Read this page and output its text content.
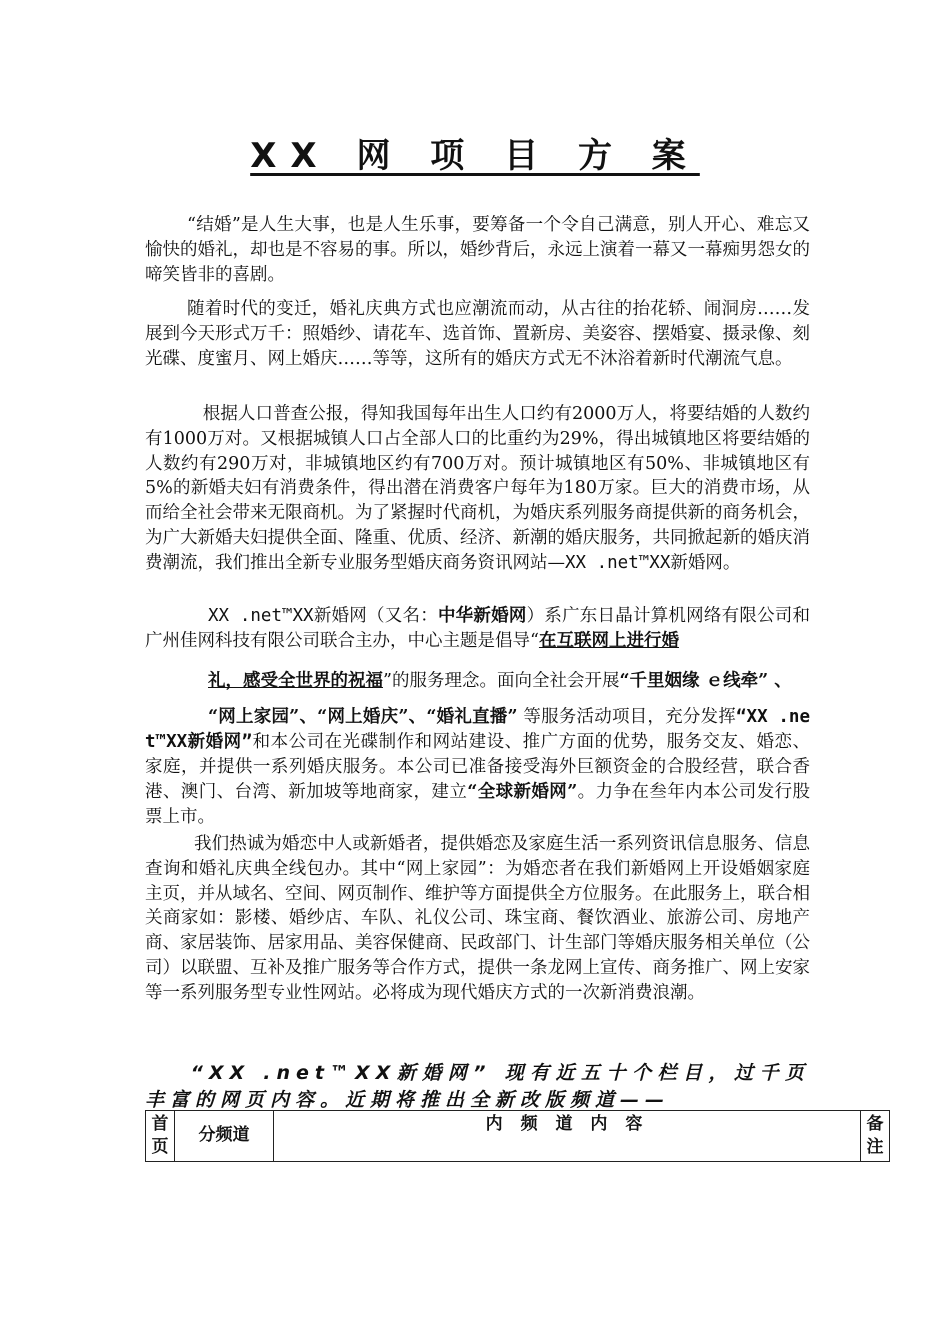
XX 网 项 目 方 案
“结婚”是人生大事，也是人生乐事，要筹备一个令自己满意，别人开心、难忘又愉快的婚礼，却也是不容易的事。所以，婚纱背后，永远上演着一幕又一幕痴男怨女的啼笑皆非的喜剧。
随着时代的变迁，婚礼庆典方式也应潮流而动，从古往的抬花轿、闹洞房……发展到今天形式万千：照婚纱、请花车、选首饰、置新房、美姿容、摆婚宴、摄录像、刻光碟、度蜜月、网上婚庆……等等，这所有的婚庆方式无不沐浴着新时代潮流气息。
根据人口普查公报，得知我国每年出生人口约有2000万人，将要结婚的人数约有1000万对。又根据城镇人口占全部人口的比重约为29%，得出城镇地区将要结婚的人数约有290万对，非城镇地区约有700万对。预计城镇地区有50%、非城镇地区有5%的新婚夫妇有消费条件，得出潜在消费客户每年为180万家。巨大的消费市场，从而给全社会带来无限商机。为了紧握时代商机，为婚庆系列服务商提供新的商务机会，为广大新婚夫妇提供全面、隆重、优质、经济、新潮的婚庆服务，共同掀起新的婚庆消费潮流，我们推出全新专业服务型婚庆商务资讯网站—XX .net™XX新婚网。
XX .net™XX新婚网（又名：中华新婚网）系广东日晶计算机网络有限公司和广州佳网科技有限公司联合主办，中心主题是倡导“在互联网上进行婚
礼，感受全世界的祝福”的服务理念。面向全社会开展“千里姻缘 ｅ线牵” 、
“网上家园”、“网上婚庆”、“婚礼直播” 等服务活动项目，充分发挥“XX .net™XX新婚网”和本公司在光碟制作和网站建设、推广方面的优势，服务交友、婚恋、家庭，并提供一系列婚庆服务。本公司已准备接受海外巨额资金的合股经营，联合香港、澳门、台湾、新加坡等地商家，建立“全球新婚网”。力争在叁年内本公司发行股票上市。
我们热诚为婚恋中人或新婚者，提供婚恋及家庭生活一系列资讯信息服务、信息查询和婚礼庆典全线包办。其中“网上家园”：为婚恋者在我们新婚网上开设婚姻家庭主页，并从域名、空间、网页制作、维护等方面提供全方位服务。在此服务上，联合相关商家如：影楼、婚纱店、车队、礼仪公司、珠宝商、餐饮酒业、旅游公司、房地产商、家居装饰、居家用品、美容保健商、民政部门、计生部门等婚庆服务相关单位（公司）以联盟、互补及推广服务等合作方式，提供一条龙网上宣传、商务推广、网上安家等一系列服务型专业性网站。必将成为现代婚庆方式的一次新消费浪潮。
“XX .net™XX新婚网” 现有近五十个栏目，过千页丰富的网页内容。近期将推出全新改版频道——
首页	分频道	内 频 道 内 容	备注
